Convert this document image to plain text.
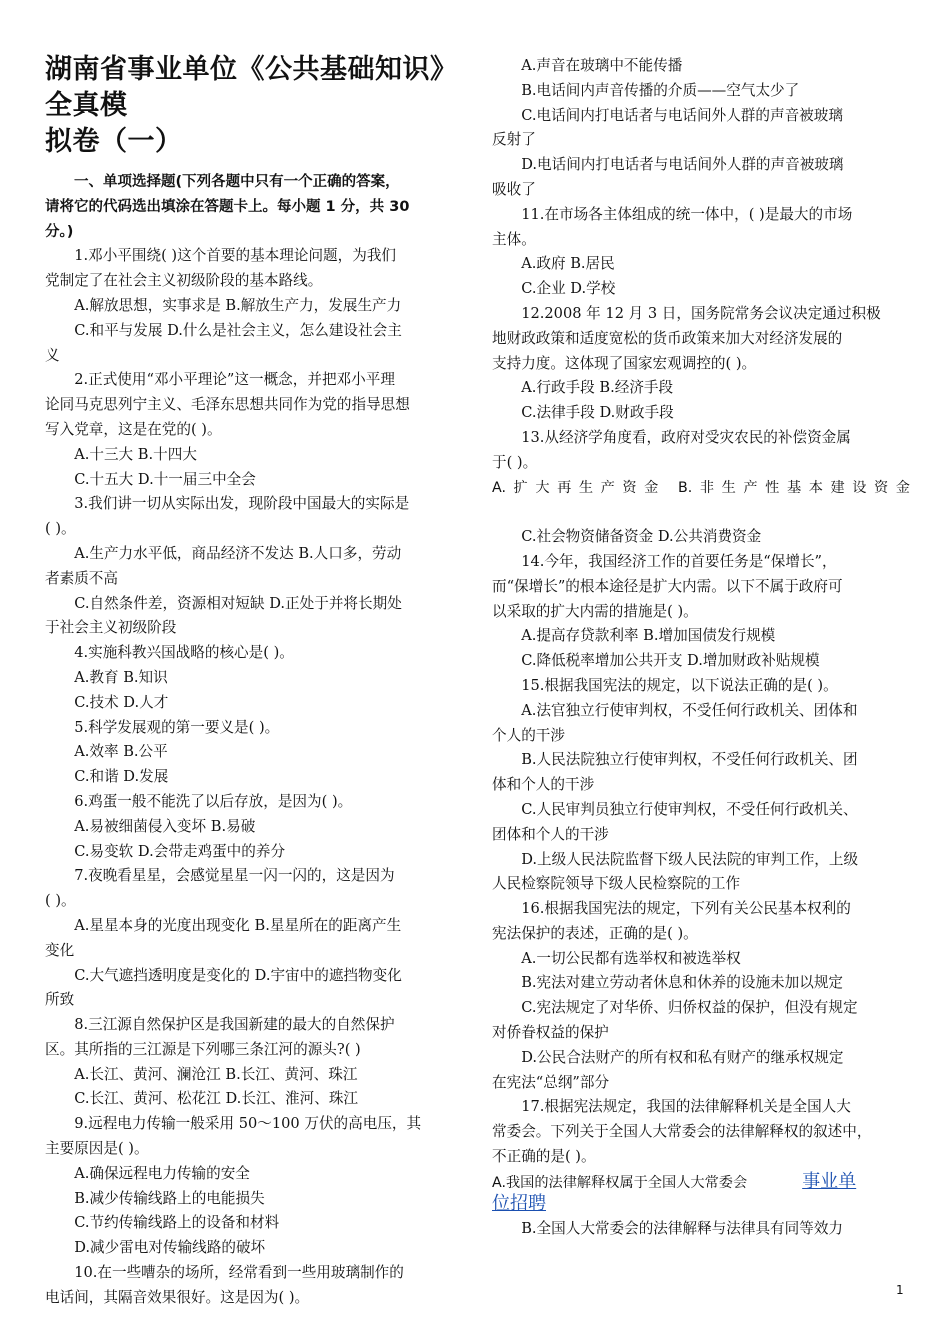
湖南省事业单位《公共基础知识》全真模
拟卷（一）

一、单项选择题(下列各题中只有一个正确的答案，

请将它的代码选出填涂在答题卡上。每小题 1 分，共 30

分。)

1.邓小平围绕( )这个首要的基本理论问题，为我们

党制定了在社会主义初级阶段的基本路线。

A.解放思想，实事求是 B.解放生产力，发展生产力

C.和平与发展 D.什么是社会主义，怎么建设社会主

义

2.正式使用“邓小平理论”这一概念，并把邓小平理

论同马克思列宁主义、毛泽东思想共同作为党的指导思想

写入党章，这是在党的( )。

A.十三大 B.十四大

C.十五大 D.十一届三中全会

3.我们讲一切从实际出发，现阶段中国最大的实际是

( )。

A.生产力水平低，商品经济不发达 B.人口多，劳动

者素质不高

C.自然条件差，资源相对短缺 D.正处于并将长期处

于社会主义初级阶段

4.实施科教兴国战略的核心是( )。

A.教育 B.知识

C.技术 D.人才

5.科学发展观的第一要义是( )。

A.效率 B.公平

C.和谐 D.发展

6.鸡蛋一般不能洗了以后存放，是因为( )。

A.易被细菌侵入变坏 B.易破

C.易变软 D.会带走鸡蛋中的养分

7.夜晚看星星，会感觉星星一闪一闪的，这是因为

( )。

A.星星本身的光度出现变化 B.星星所在的距离产生

变化

C.大气遮挡透明度是变化的 D.宇宙中的遮挡物变化

所致

8.三江源自然保护区是我国新建的最大的自然保护

区。其所指的三江源是下列哪三条江河的源头?( )

A.长江、黄河、澜沧江 B.长江、黄河、珠江

C.长江、黄河、松花江 D.长江、淮河、珠江

9.远程电力传输一般采用 50～100 万伏的高电压，其

主要原因是( )。

A.确保远程电力传输的安全

B.减少传输线路上的电能损失

C.节约传输线路上的设备和材料

D.减少雷电对传输线路的破坏

10.在一些嘈杂的场所，经常看到一些用玻璃制作的

电话间，其隔音效果很好。这是因为( )。

A.声音在玻璃中不能传播

B.电话间内声音传播的介质——空气太少了

C.电话间内打电话者与电话间外人群的声音被玻璃

反射了

D.电话间内打电话者与电话间外人群的声音被玻璃

吸收了

11.在市场各主体组成的统一体中，( )是最大的市场

主体。

A.政府 B.居民

C.企业 D.学校

12.2008 年 12 月 3 日，国务院常务会议决定通过积极

地财政政策和适度宽松的货币政策来加大对经济发展的

支持力度。这体现了国家宏观调控的( )。

A.行政手段 B.经济手段

C.法律手段 D.财政手段

13.从经济学角度看，政府对受灾农民的补偿资金属

于( )。

A.扩大再生产资金 B.非生产性基本建设资金

C.社会物资储备资金 D.公共消费资金

14.今年，我国经济工作的首要任务是“保增长”，

而“保增长”的根本途径是扩大内需。以下不属于政府可

以采取的扩大内需的措施是( )。

A.提高存贷款利率 B.增加国债发行规模

C.降低税率增加公共开支 D.增加财政补贴规模

15.根据我国宪法的规定，以下说法正确的是( )。

A.法官独立行使审判权，不受任何行政机关、团体和

个人的干涉

B.人民法院独立行使审判权，不受任何行政机关、团

体和个人的干涉

C.人民审判员独立行使审判权，不受任何行政机关、

团体和个人的干涉

D.上级人民法院监督下级人民法院的审判工作，上级

人民检察院领导下级人民检察院的工作

16.根据我国宪法的规定，下列有关公民基本权利的

宪法保护的表述，正确的是( )。

A.一切公民都有选举权和被选举权

B.宪法对建立劳动者休息和休养的设施未加以规定

C.宪法规定了对华侨、归侨权益的保护，但没有规定

对侨眷权益的保护

D.公民合法财产的所有权和私有财产的继承权规定

在宪法“总纲”部分

17.根据宪法规定，我国的法律解释机关是全国人大

常委会。下列关于全国人大常委会的法律解释权的叙述中，

不正确的是( )。

A.我国的法律解释权属于全国人大常委会	事业单

位招聘

B.全国人大常委会的法律解释与法律具有同等效力

1
